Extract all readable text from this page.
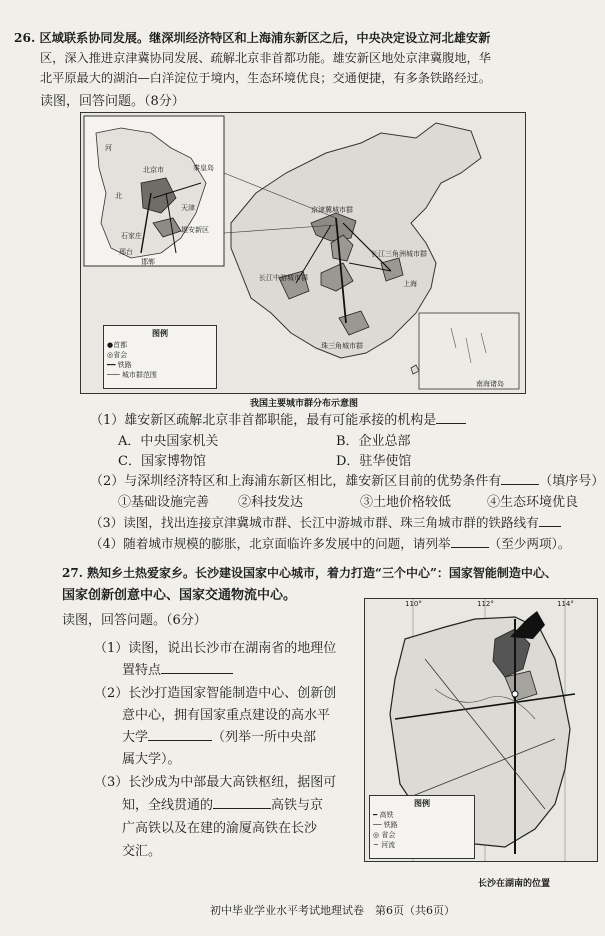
26. 区域联系协同发展。继深圳经济特区和上海浦东新区之后，中央决定设立河北雄安新
区，深入推进京津冀协同发展、疏解北京非首都功能。雄安新区地处京津冀腹地，华
北平原最大的湖泊—白洋淀位于境内，生态环境优良；交通便捷，有多条铁路经过。
读图，回答问题。（8分）
河
北京市	秦皇岛
北
天津
雄安新区
石家庄
邢台
邯郸
京津冀城市群
长江中游城市群
珠三角城市群
上海
长江三角洲城市群
南海诸岛
图例
●首都
◎省会
━━ 铁路
─── 城市群范围
我国主要城市群分布示意图
（1）雄安新区疏解北京非首都职能，最有可能承接的机构是
A．中央国家机关	B．企业总部
C．国家博物馆	D．驻华使馆
（2）与深圳经济特区和上海浦东新区相比，雄安新区目前的优势条件有	（填序号）
①基础设施完善 ②科技发达	③土地价格较低	④生态环境优良
（3）读图，找出连接京津冀城市群、长江中游城市群、珠三角城市群的铁路线有
（4）随着城市规模的膨胀，北京面临许多发展中的问题，请列举	（至少两项）。
27. 熟知乡土热爱家乡。长沙建设国家中心城市，着力打造“三个中心”：国家智能制造中心、
国家创新创意中心、国家交通物流中心。
读图，回答问题。（6分）
（1）读图，说出长沙市在湖南省的地理位
置特点
（2）长沙打造国家智能制造中心、创新创
意中心，拥有国家重点建设的高水平
大学	（列举一所中央部
属大学）。
（3）长沙成为中部最大高铁枢纽，据图可
知，全线贯通的	高铁与京
广高铁以及在建的渝厦高铁在长沙
交汇。
110°	112°	114°
图例
━ 高铁
── 铁路
◎ 省会
~ 河流
长沙在湖南的位置
初中毕业学业水平考试地理试卷　第6页（共6页）
